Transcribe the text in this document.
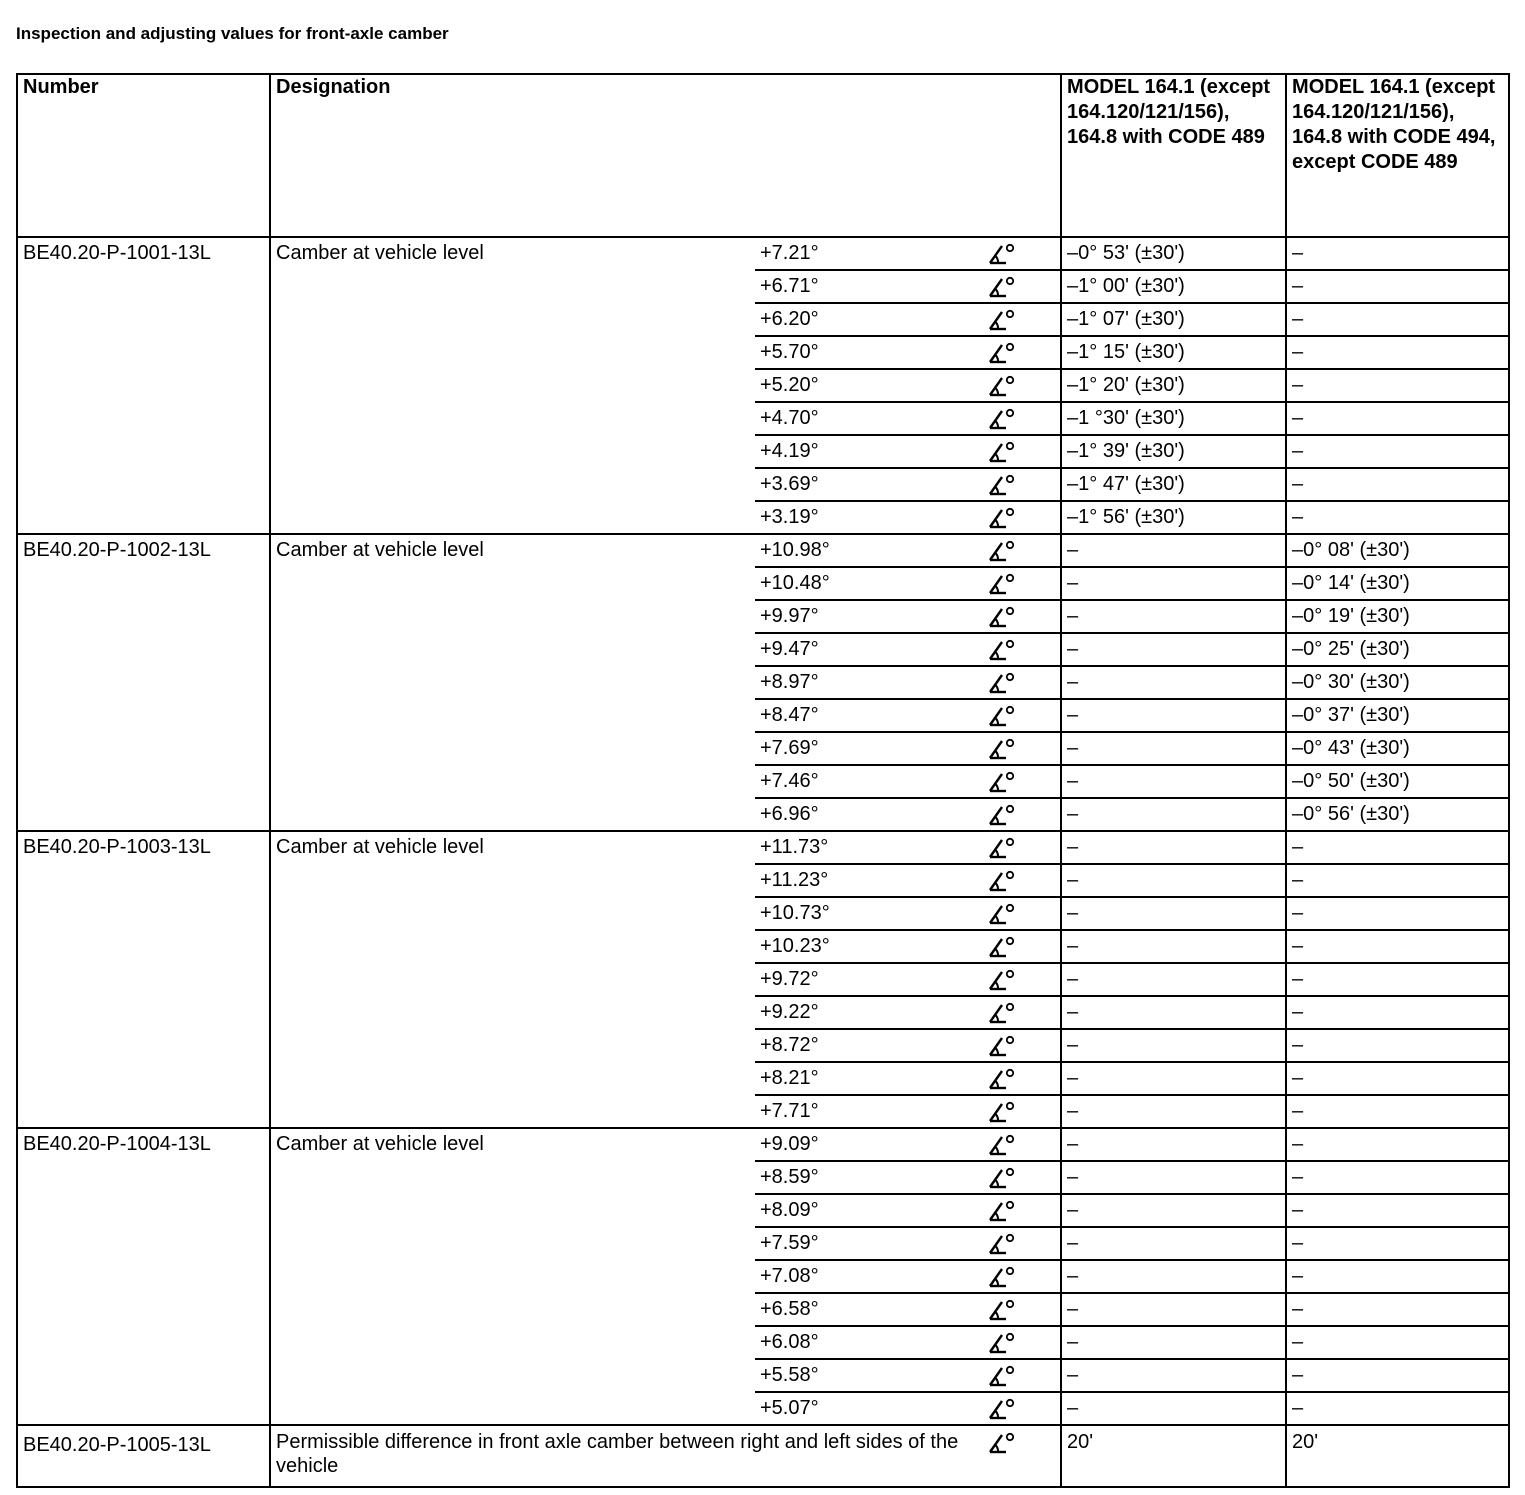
Inspection and adjusting values for front-axle camber
Number	Designation			MODEL 164.1 (except 164.120/121/156), 164.8 with CODE 489	MODEL 164.1 (except 164.120/121/156), 164.8 with CODE 494, except CODE 489

BE40.20-P-1001-13L	Camber at vehicle level	+7.21°		–0° 53' (±30')	–
		+6.71°		–1° 00' (±30')	–
		+6.20°		–1° 07' (±30')	–
		+5.70°		–1° 15' (±30')	–
		+5.20°		–1° 20' (±30')	–
		+4.70°		–1 °30' (±30')	–
		+4.19°		–1° 39' (±30')	–
		+3.69°		–1° 47' (±30')	–
		+3.19°		–1° 56' (±30')	–

BE40.20-P-1002-13L	Camber at vehicle level	+10.98°		–	–0° 08' (±30')
		+10.48°		–	–0° 14' (±30')
		+9.97°		–	–0° 19' (±30')
		+9.47°		–	–0° 25' (±30')
		+8.97°		–	–0° 30' (±30')
		+8.47°		–	–0° 37' (±30')
		+7.69°		–	–0° 43' (±30')
		+7.46°		–	–0° 50' (±30')
		+6.96°		–	–0° 56' (±30')

BE40.20-P-1003-13L	Camber at vehicle level	+11.73°		–	–
		+11.23°		–	–
		+10.73°		–	–
		+10.23°		–	–
		+9.72°		–	–
		+9.22°		–	–
		+8.72°		–	–
		+8.21°		–	–
		+7.71°		–	–

BE40.20-P-1004-13L	Camber at vehicle level	+9.09°		–	–
		+8.59°		–	–
		+8.09°		–	–
		+7.59°		–	–
		+7.08°		–	–
		+6.58°		–	–
		+6.08°		–	–
		+5.58°		–	–
		+5.07°		–	–

BE40.20-P-1005-13L	Permissible difference in front axle camber between right and left sides of the vehicle			20'	20'
